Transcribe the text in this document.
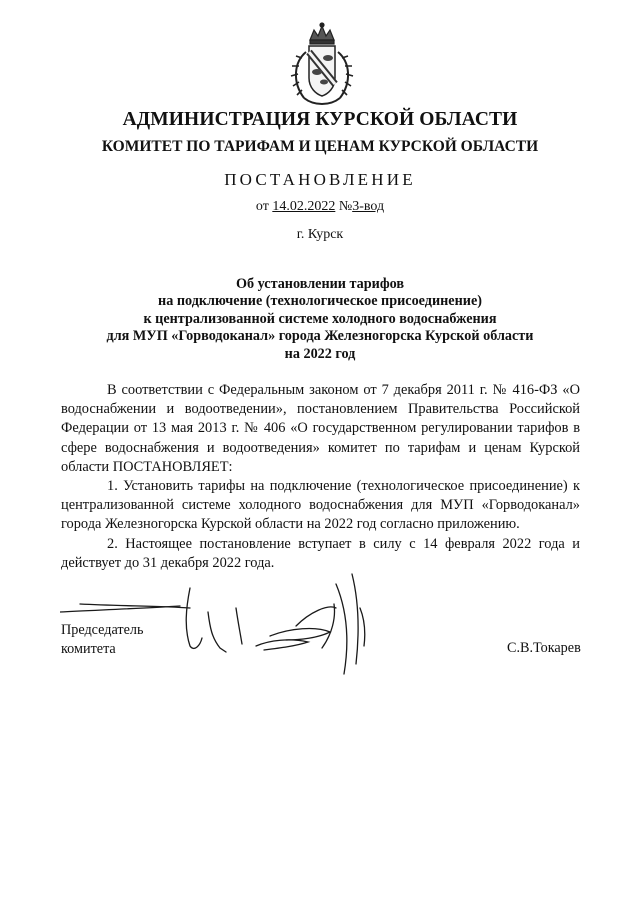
АДМИНИСТРАЦИЯ КУРСКОЙ ОБЛАСТИ
КОМИТЕТ ПО ТАРИФАМ И ЦЕНАМ КУРСКОЙ ОБЛАСТИ
ПОСТАНОВЛЕНИЕ
от 14.02.2022 №3-вод
г. Курск
Об установлении тарифов
на подключение (технологическое присоединение)
к централизованной системе холодного водоснабжения
для МУП «Горводоканал» города Железногорска Курской области
на 2022 год

В соответствии с Федеральным законом от 7 декабря 2011 г. № 416-ФЗ «О водоснабжении и водоотведении», постановлением Правительства Российской Федерации от 13 мая 2013 г. № 406 «О государственном регулировании тарифов в сфере водоснабжения и водоотведения» комитет по тарифам и ценам Курской области ПОСТАНОВЛЯЕТ:

1. Установить тарифы на подключение (технологическое присоединение) к централизованной системе холодного водоснабжения для МУП «Горводоканал» города Железногорска Курской области на 2022 год согласно приложению.

2. Настоящее постановление вступает в силу с 14 февраля 2022 года и действует до 31 декабря 2022 года.

Председатель
комитета	С.В.Токарев
